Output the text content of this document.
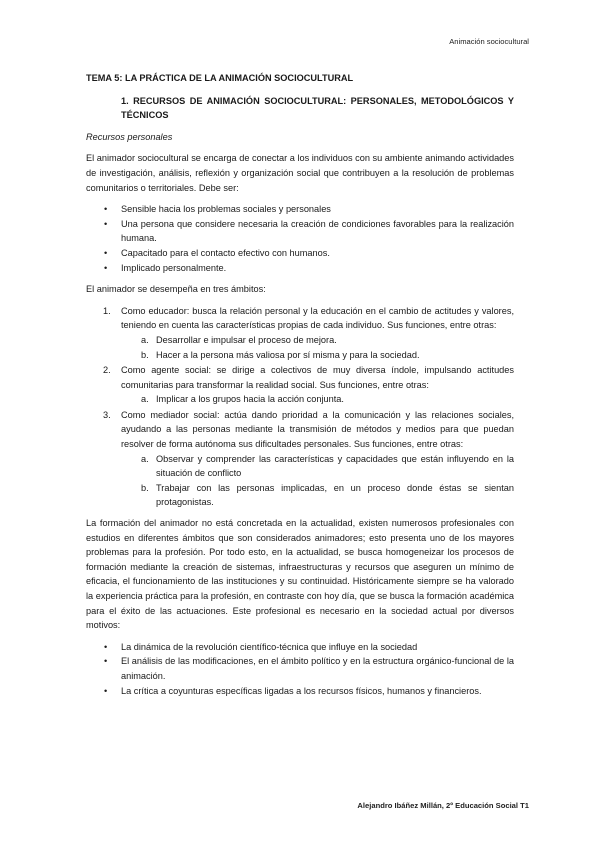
Animación sociocultural
TEMA 5: LA PRÁCTICA DE LA ANIMACIÓN SOCIOCULTURAL
1. RECURSOS DE ANIMACIÓN SOCIOCULTURAL: PERSONALES, METODOLÓGICOS Y TÉCNICOS
Recursos personales

El animador sociocultural se encarga de conectar a los individuos con su ambiente animando actividades de investigación, análisis, reflexión y organización social que contribuyen a la resolución de problemas comunitarios o territoriales. Debe ser:

• Sensible hacia los problemas sociales y personales
• Una persona que considere necesaria la creación de condiciones favorables para la realización humana.
• Capacitado para el contacto efectivo con humanos.
• Implicado personalmente.

El animador se desempeña en tres ámbitos:

1. Como educador: busca la relación personal y la educación en el cambio de actitudes y valores, teniendo en cuenta las características propias de cada individuo. Sus funciones, entre otras:
a. Desarrollar e impulsar el proceso de mejora.
b. Hacer a la persona más valiosa por sí misma y para la sociedad.
2. Como agente social: se dirige a colectivos de muy diversa índole, impulsando actitudes comunitarias para transformar la realidad social. Sus funciones, entre otras:
a. Implicar a los grupos hacia la acción conjunta.
3. Como mediador social: actúa dando prioridad a la comunicación y las relaciones sociales, ayudando a las personas mediante la transmisión de métodos y medios para que puedan resolver de forma autónoma sus dificultades personales. Sus funciones, entre otras:
a. Observar y comprender las características y capacidades que están influyendo en la situación de conflicto
b. Trabajar con las personas implicadas, en un proceso donde éstas se sientan protagonistas.

La formación del animador no está concretada en la actualidad, existen numerosos profesionales con estudios en diferentes ámbitos que son considerados animadores; esto presenta uno de los mayores problemas para la profesión. Por todo esto, en la actualidad, se busca homogeneizar los procesos de formación mediante la creación de sistemas, infraestructuras y recursos que aseguren un mínimo de eficacia, el funcionamiento de las instituciones y su continuidad. Históricamente siempre se ha valorado la experiencia práctica para la profesión, en contraste con hoy día, que se busca la formación académica para el éxito de las actuaciones. Este profesional es necesario en la sociedad actual por diversos motivos:

• La dinámica de la revolución científico-técnica que influye en la sociedad
• El análisis de las modificaciones, en el ámbito político y en la estructura orgánico-funcional de la animación.
• La crítica a coyunturas específicas ligadas a los recursos físicos, humanos y financieros.
Alejandro Ibáñez Millán, 2º Educación Social T1
